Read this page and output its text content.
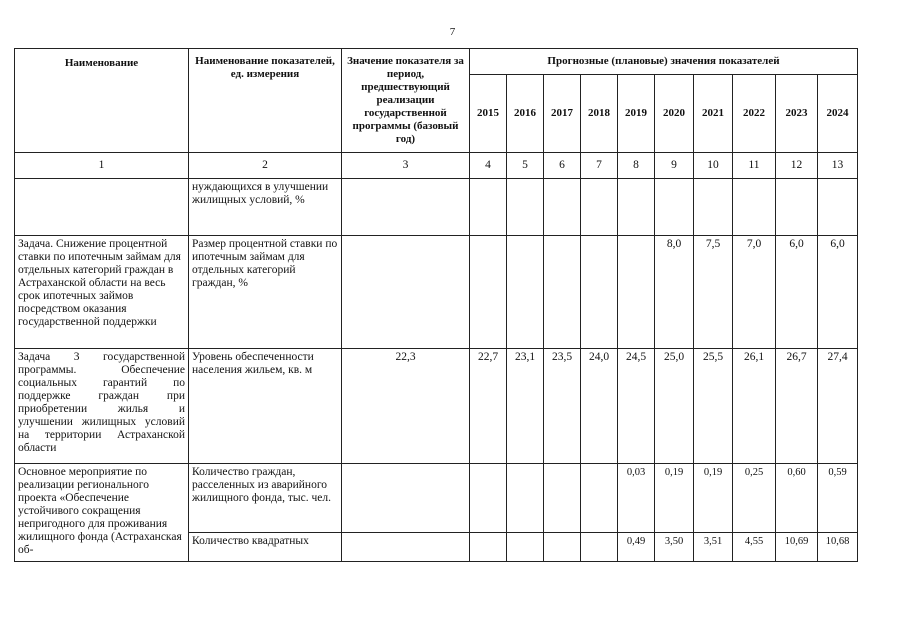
7
Наименование	Наименование показателей, ед. измерения	Значение показателя за период, предшествующий реализации государственной программы (базовый год)	Прогнозные (плановые) значения показателей									
			2015	2016	2017	2018	2019	2020	2021	2022	2023	2024
1	2	3	4	5	6	7	8	9	10	11	12	13
	нуждающихся в улучшении жилищных условий, %											
Задача. Снижение процентной ставки по ипотечным займам для отдельных категорий граждан в Астраханской области на весь срок ипотечных займов посредством оказания государственной поддержки	Размер процентной ставки по ипотечным займам для отдельных категорий граждан, %							8,0	7,5	7,0	6,0	6,0
Задача 3 государственной программы. Обеспечение социальных гарантий по поддержке граждан при приобретении жилья и улучшении жилищных условий на территории Астраханской области	Уровень обеспеченности населения жильем, кв. м	22,3	22,7	23,1	23,5	24,0	24,5	25,0	25,5	26,1	26,7	27,4
Основное мероприятие по реализации регионального проекта «Обеспечение устойчивого сокращения непригодного для проживания жилищного фонда (Астраханская об-	Количество граждан, расселенных из аварийного жилищного фонда, тыс. чел.						0,03	0,19	0,19	0,25	0,60	0,59
	Количество квадратных						0,49	3,50	3,51	4,55	10,69	10,68
